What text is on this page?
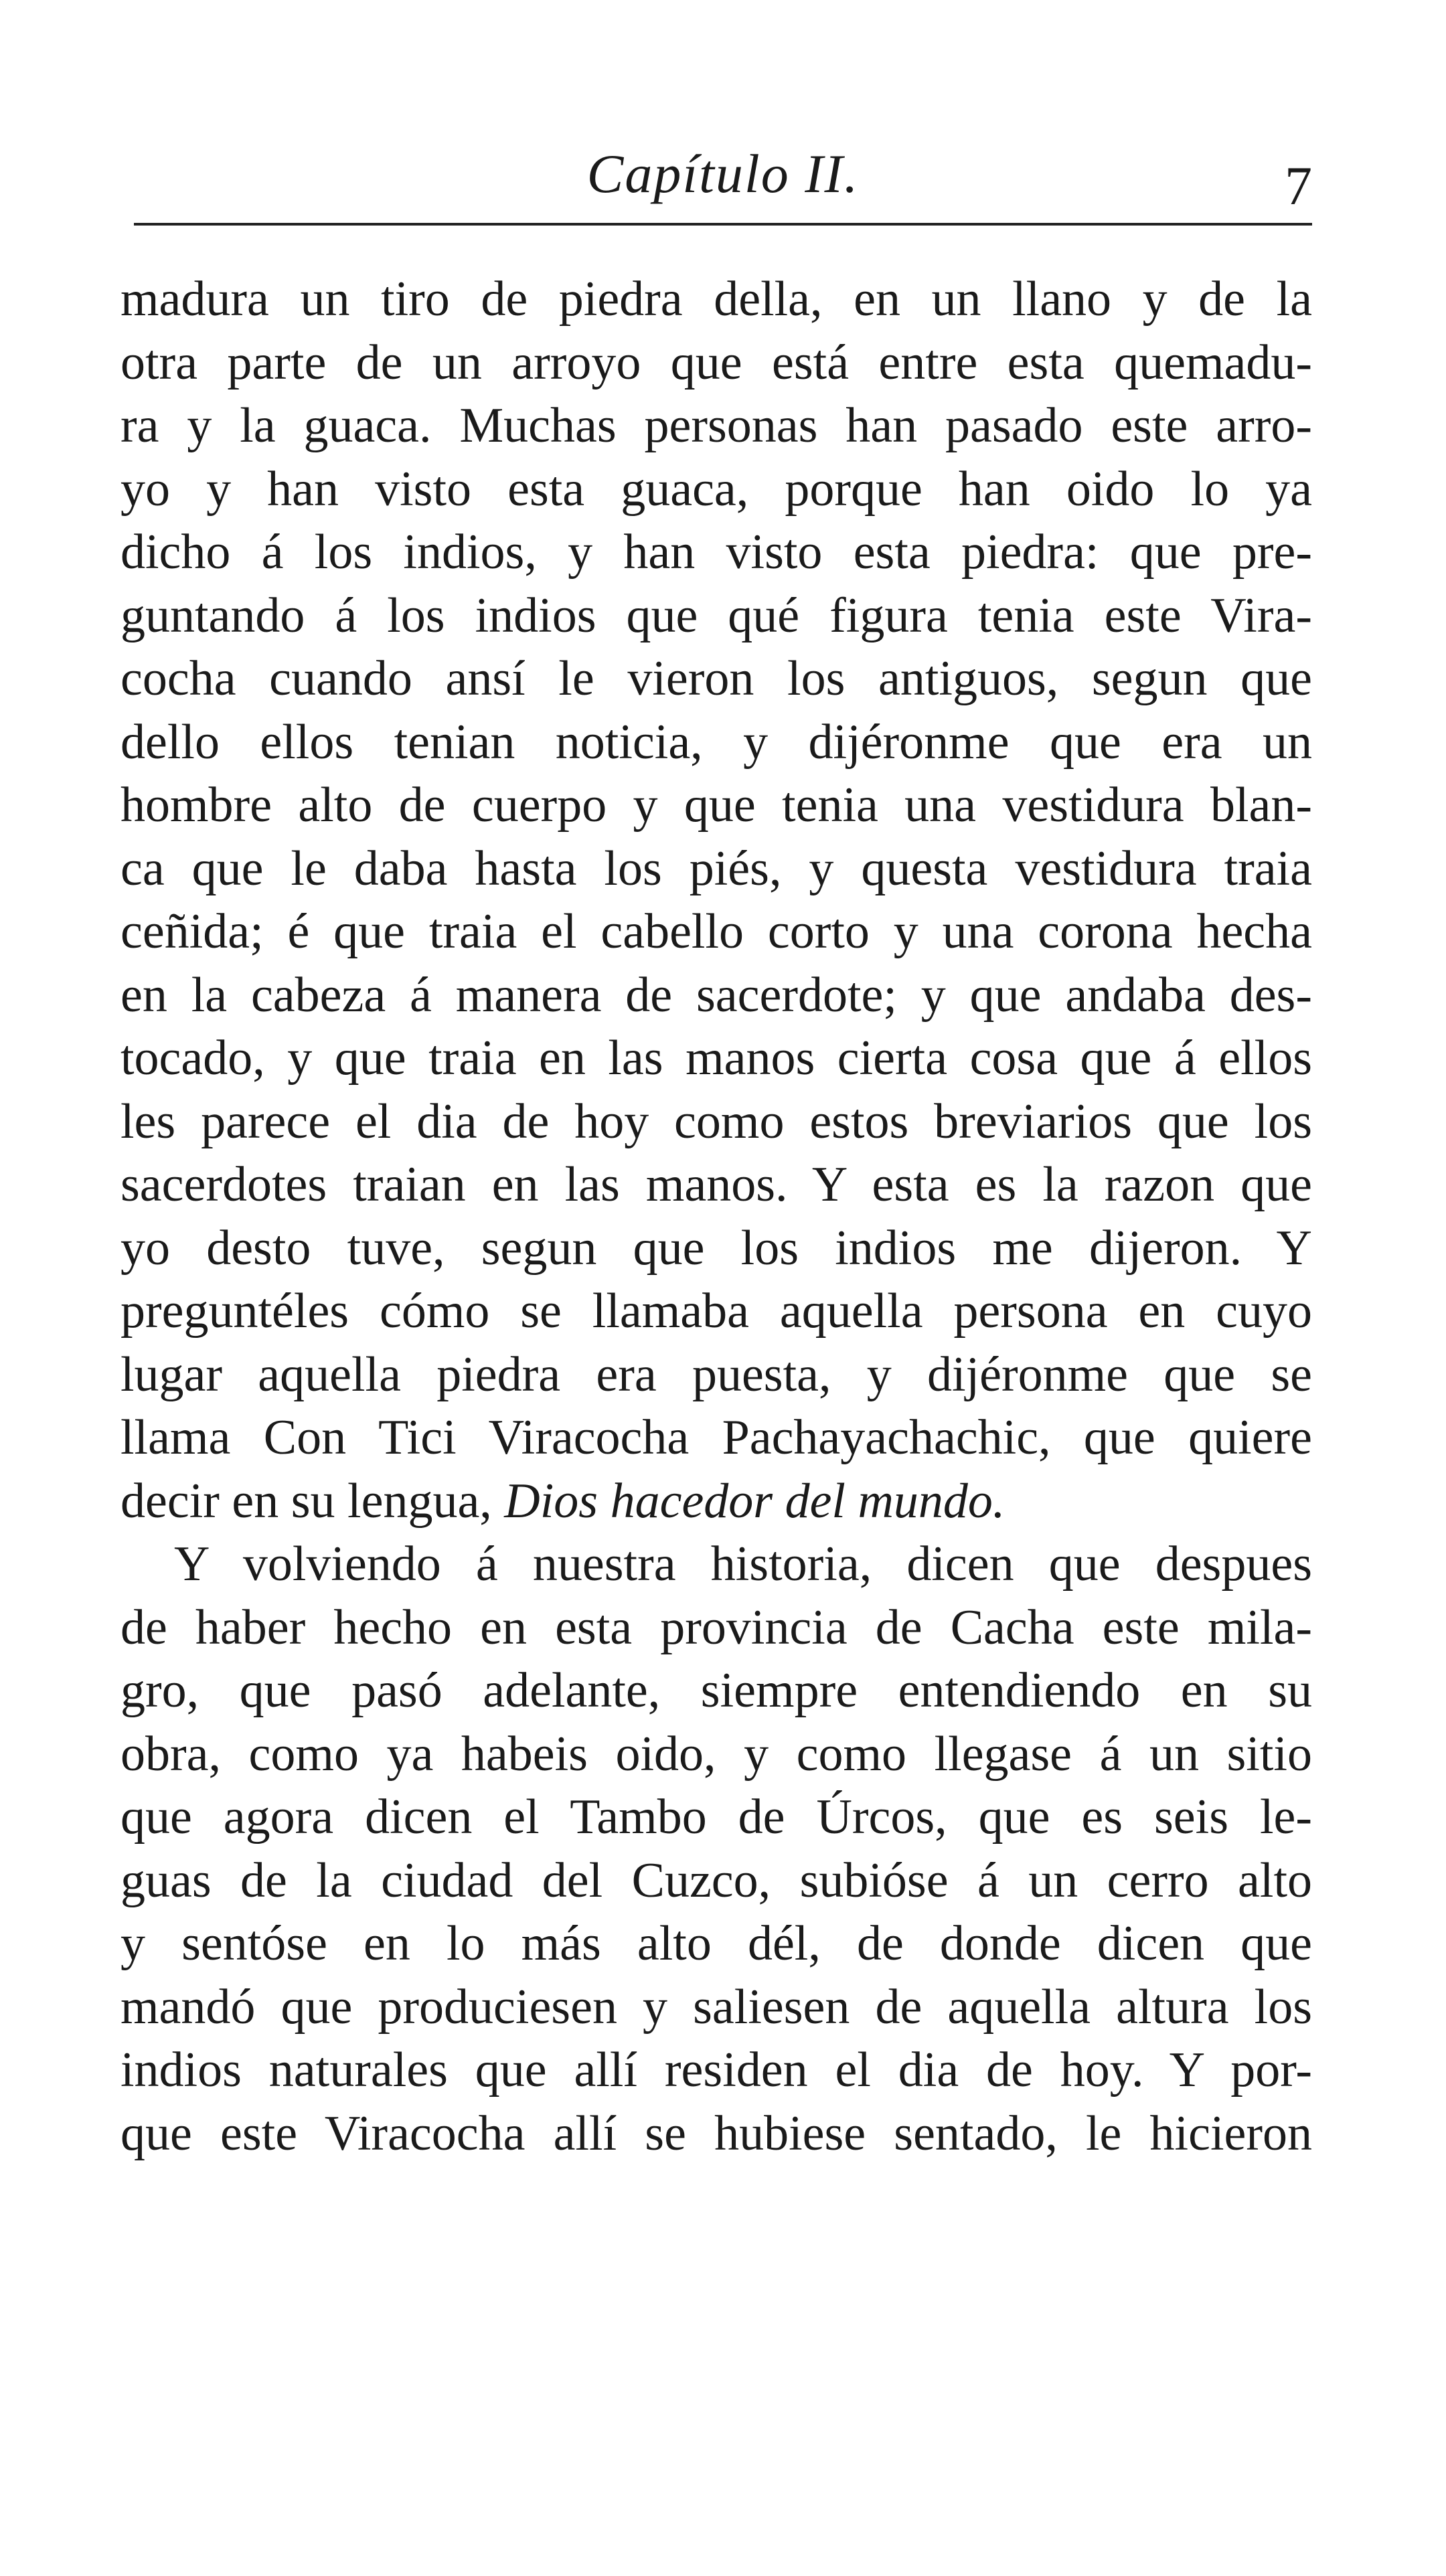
Capítulo II.	7
madura un tiro de piedra della, en un llano y de la
otra parte de un arroyo que está entre esta quemadu-
ra y la guaca. Muchas personas han pasado este arro-
yo y han visto esta guaca, porque han oido lo ya
dicho á los indios, y han visto esta piedra: que pre-
guntando á los indios que qué figura tenia este Vira-
cocha cuando ansí le vieron los antiguos, segun que
dello ellos tenian noticia, y dijéronme que era un
hombre alto de cuerpo y que tenia una vestidura blan-
ca que le daba hasta los piés, y questa vestidura traia
ceñida; é que traia el cabello corto y una corona hecha
en la cabeza á manera de sacerdote; y que andaba des-
tocado, y que traia en las manos cierta cosa que á ellos
les parece el dia de hoy como estos breviarios que los
sacerdotes traian en las manos. Y esta es la razon que
yo desto tuve, segun que los indios me dijeron. Y
preguntéles cómo se llamaba aquella persona en cuyo
lugar aquella piedra era puesta, y dijéronme que se
llama Con Tici Viracocha Pachayachachic, que quiere
decir en su lengua, Dios hacedor del mundo.
Y volviendo á nuestra historia, dicen que despues
de haber hecho en esta provincia de Cacha este mila-
gro, que pasó adelante, siempre entendiendo en su
obra, como ya habeis oido, y como llegase á un sitio
que agora dicen el Tambo de Úrcos, que es seis le-
guas de la ciudad del Cuzco, subióse á un cerro alto
y sentóse en lo más alto dél, de donde dicen que
mandó que produciesen y saliesen de aquella altura los
indios naturales que allí residen el dia de hoy. Y por-
que este Viracocha allí se hubiese sentado, le hicieron
